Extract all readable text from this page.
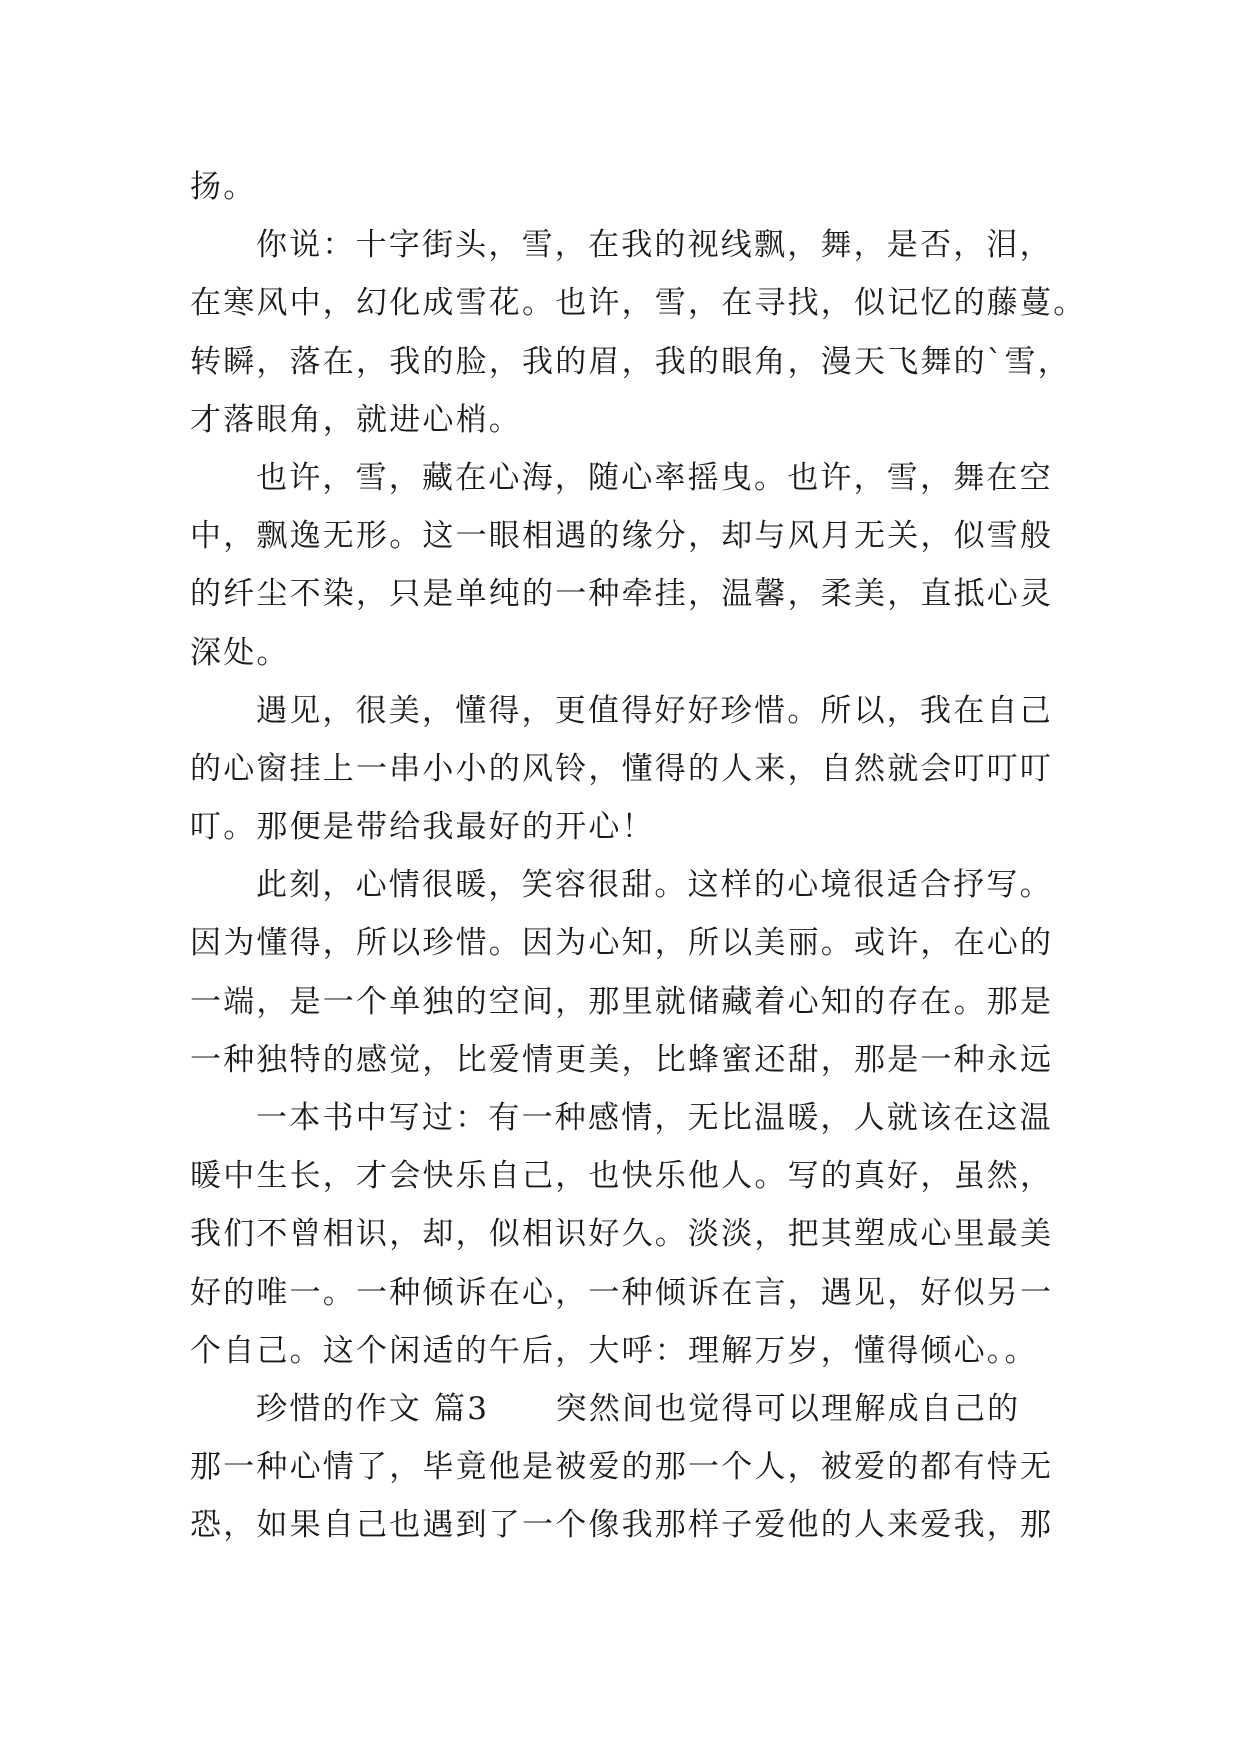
扬。
你说：十字街头，雪，在我的视线飘，舞，是否，泪，
在寒风中，幻化成雪花。也许，雪，在寻找，似记忆的藤蔓。
转瞬，落在，我的脸，我的眉，我的眼角，漫天飞舞的`雪，
才落眼角，就进心梢。
也许，雪，藏在心海，随心率摇曳。也许，雪，舞在空
中，飘逸无形。这一眼相遇的缘分，却与风月无关，似雪般
的纤尘不染，只是单纯的一种牵挂，温馨，柔美，直抵心灵
深处。
遇见，很美，懂得，更值得好好珍惜。所以，我在自己
的心窗挂上一串小小的风铃，懂得的人来，自然就会叮叮叮
叮。那便是带给我最好的开心！
此刻，心情很暖，笑容很甜。这样的心境很适合抒写。
因为懂得，所以珍惜。因为心知，所以美丽。或许，在心的
一端，是一个单独的空间，那里就储藏着心知的存在。那是
一种独特的感觉，比爱情更美，比蜂蜜还甜，那是一种永远
一本书中写过：有一种感情，无比温暖，人就该在这温
暖中生长，才会快乐自己，也快乐他人。写的真好，虽然，
我们不曾相识，却，似相识好久。淡淡，把其塑成心里最美
好的唯一。一种倾诉在心，一种倾诉在言，遇见，好似另一
个自己。这个闲适的午后，大呼：理解万岁，懂得倾心。。
珍惜的作文 篇3　　突然间也觉得可以理解成自己的
那一种心情了，毕竟他是被爱的那一个人，被爱的都有恃无
恐，如果自己也遇到了一个像我那样子爱他的人来爱我，那
